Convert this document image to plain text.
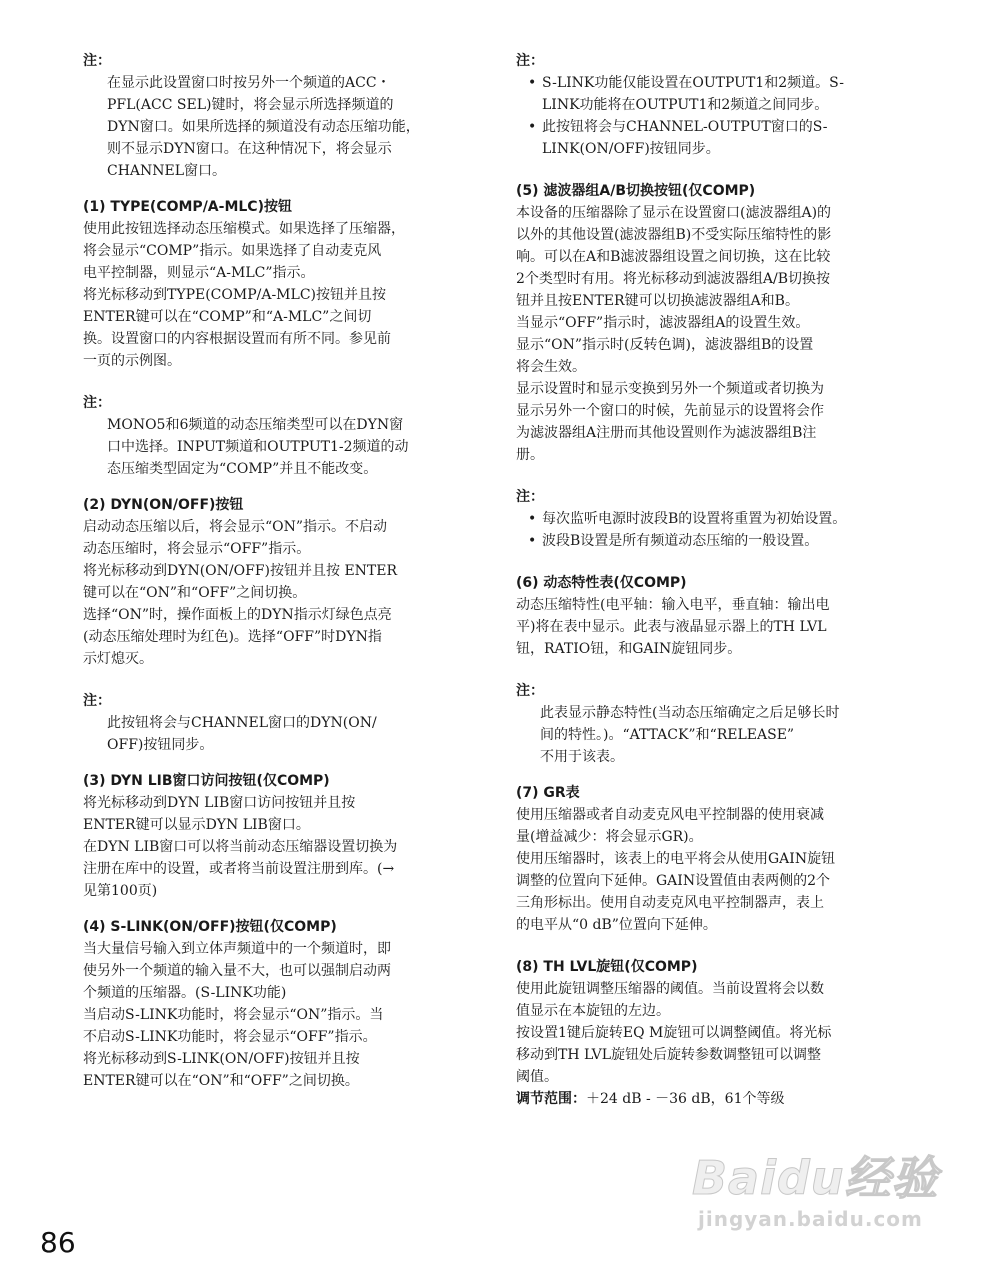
注：
在显示此设置窗口时按另外一个频道的ACC・
PFL(ACC SEL)键时，将会显示所选择频道的
DYN窗口。如果所选择的频道没有动态压缩功能，
则不显示DYN窗口。在这种情况下，将会显示
CHANNEL窗口。
(1) TYPE(COMP/A-MLC)按钮
使用此按钮选择动态压缩模式。如果选择了压缩器，
将会显示“COMP”指示。如果选择了自动麦克风
电平控制器，则显示“A-MLC”指示。
将光标移动到TYPE(COMP/A-MLC)按钮并且按
ENTER键可以在“COMP”和“A-MLC”之间切
换。设置窗口的内容根据设置而有所不同。参见前
一页的示例图。
注：
MONO5和6频道的动态压缩类型可以在DYN窗
口中选择。INPUT频道和OUTPUT1-2频道的动
态压缩类型固定为“COMP”并且不能改变。
(2) DYN(ON/OFF)按钮
启动动态压缩以后，将会显示“ON”指示。不启动
动态压缩时，将会显示“OFF”指示。
将光标移动到DYN(ON/OFF)按钮并且按 ENTER
键可以在“ON”和“OFF”之间切换。
选择“ON”时，操作面板上的DYN指示灯绿色点亮
(动态压缩处理时为红色)。选择“OFF”时DYN指
示灯熄灭。
注：
此按钮将会与CHANNEL窗口的DYN(ON/
OFF)按钮同步。
(3) DYN LIB窗口访问按钮(仅COMP)
将光标移动到DYN LIB窗口访问按钮并且按
ENTER键可以显示DYN LIB窗口。
在DYN LIB窗口可以将当前动态压缩器设置切换为
注册在库中的设置，或者将当前设置注册到库。(→
见第100页)
(4) S-LINK(ON/OFF)按钮(仅COMP)
当大量信号输入到立体声频道中的一个频道时，即
使另外一个频道的输入量不大，也可以强制启动两
个频道的压缩器。(S-LINK功能)
当启动S-LINK功能时，将会显示“ON”指示。当
不启动S-LINK功能时，将会显示“OFF”指示。
将光标移动到S-LINK(ON/OFF)按钮并且按
ENTER键可以在“ON”和“OFF”之间切换。
注：
• S-LINK功能仅能设置在OUTPUT1和2频道。S-
LINK功能将在OUTPUT1和2频道之间同步。
• 此按钮将会与CHANNEL-OUTPUT窗口的S-
LINK(ON/OFF)按钮同步。
(5) 滤波器组A/B切换按钮(仅COMP)
本设备的压缩器除了显示在设置窗口(滤波器组A)的
以外的其他设置(滤波器组B)不受实际压缩特性的影
响。可以在A和B滤波器组设置之间切换，这在比较
2个类型时有用。将光标移动到滤波器组A/B切换按
钮并且按ENTER键可以切换滤波器组A和B。
当显示“OFF”指示时，滤波器组A的设置生效。
显示“ON”指示时(反转色调)，滤波器组B的设置
将会生效。
显示设置时和显示变换到另外一个频道或者切换为
显示另外一个窗口的时候，先前显示的设置将会作
为滤波器组A注册而其他设置则作为滤波器组B注
册。
注：
• 每次监听电源时波段B的设置将重置为初始设置。
• 波段B设置是所有频道动态压缩的一般设置。
(6) 动态特性表(仅COMP)
动态压缩特性(电平轴：输入电平，垂直轴：输出电
平)将在表中显示。此表与液晶显示器上的TH LVL
钮，RATIO钮，和GAIN旋钮同步。
注：
此表显示静态特性(当动态压缩确定之后足够长时
间的特性。)。“ATTACK”和“RELEASE”
不用于该表。
(7) GR表
使用压缩器或者自动麦克风电平控制器的使用衰减
量(增益减少：将会显示GR)。
使用压缩器时，该表上的电平将会从使用GAIN旋钮
调整的位置向下延伸。GAIN设置值由表两侧的2个
三角形标出。使用自动麦克风电平控制器声，表上
的电平从“0 dB”位置向下延伸。
(8) TH LVL旋钮(仅COMP)
使用此旋钮调整压缩器的阈值。当前设置将会以数
值显示在本旋钮的左边。
按设置1键后旋转EQ M旋钮可以调整阈值。将光标
移动到TH LVL旋钮处后旋转参数调整钮可以调整
阈值。
调节范围：＋24 dB - －36 dB，61个等级
86
Baidu经验
jingyan.baidu.com
